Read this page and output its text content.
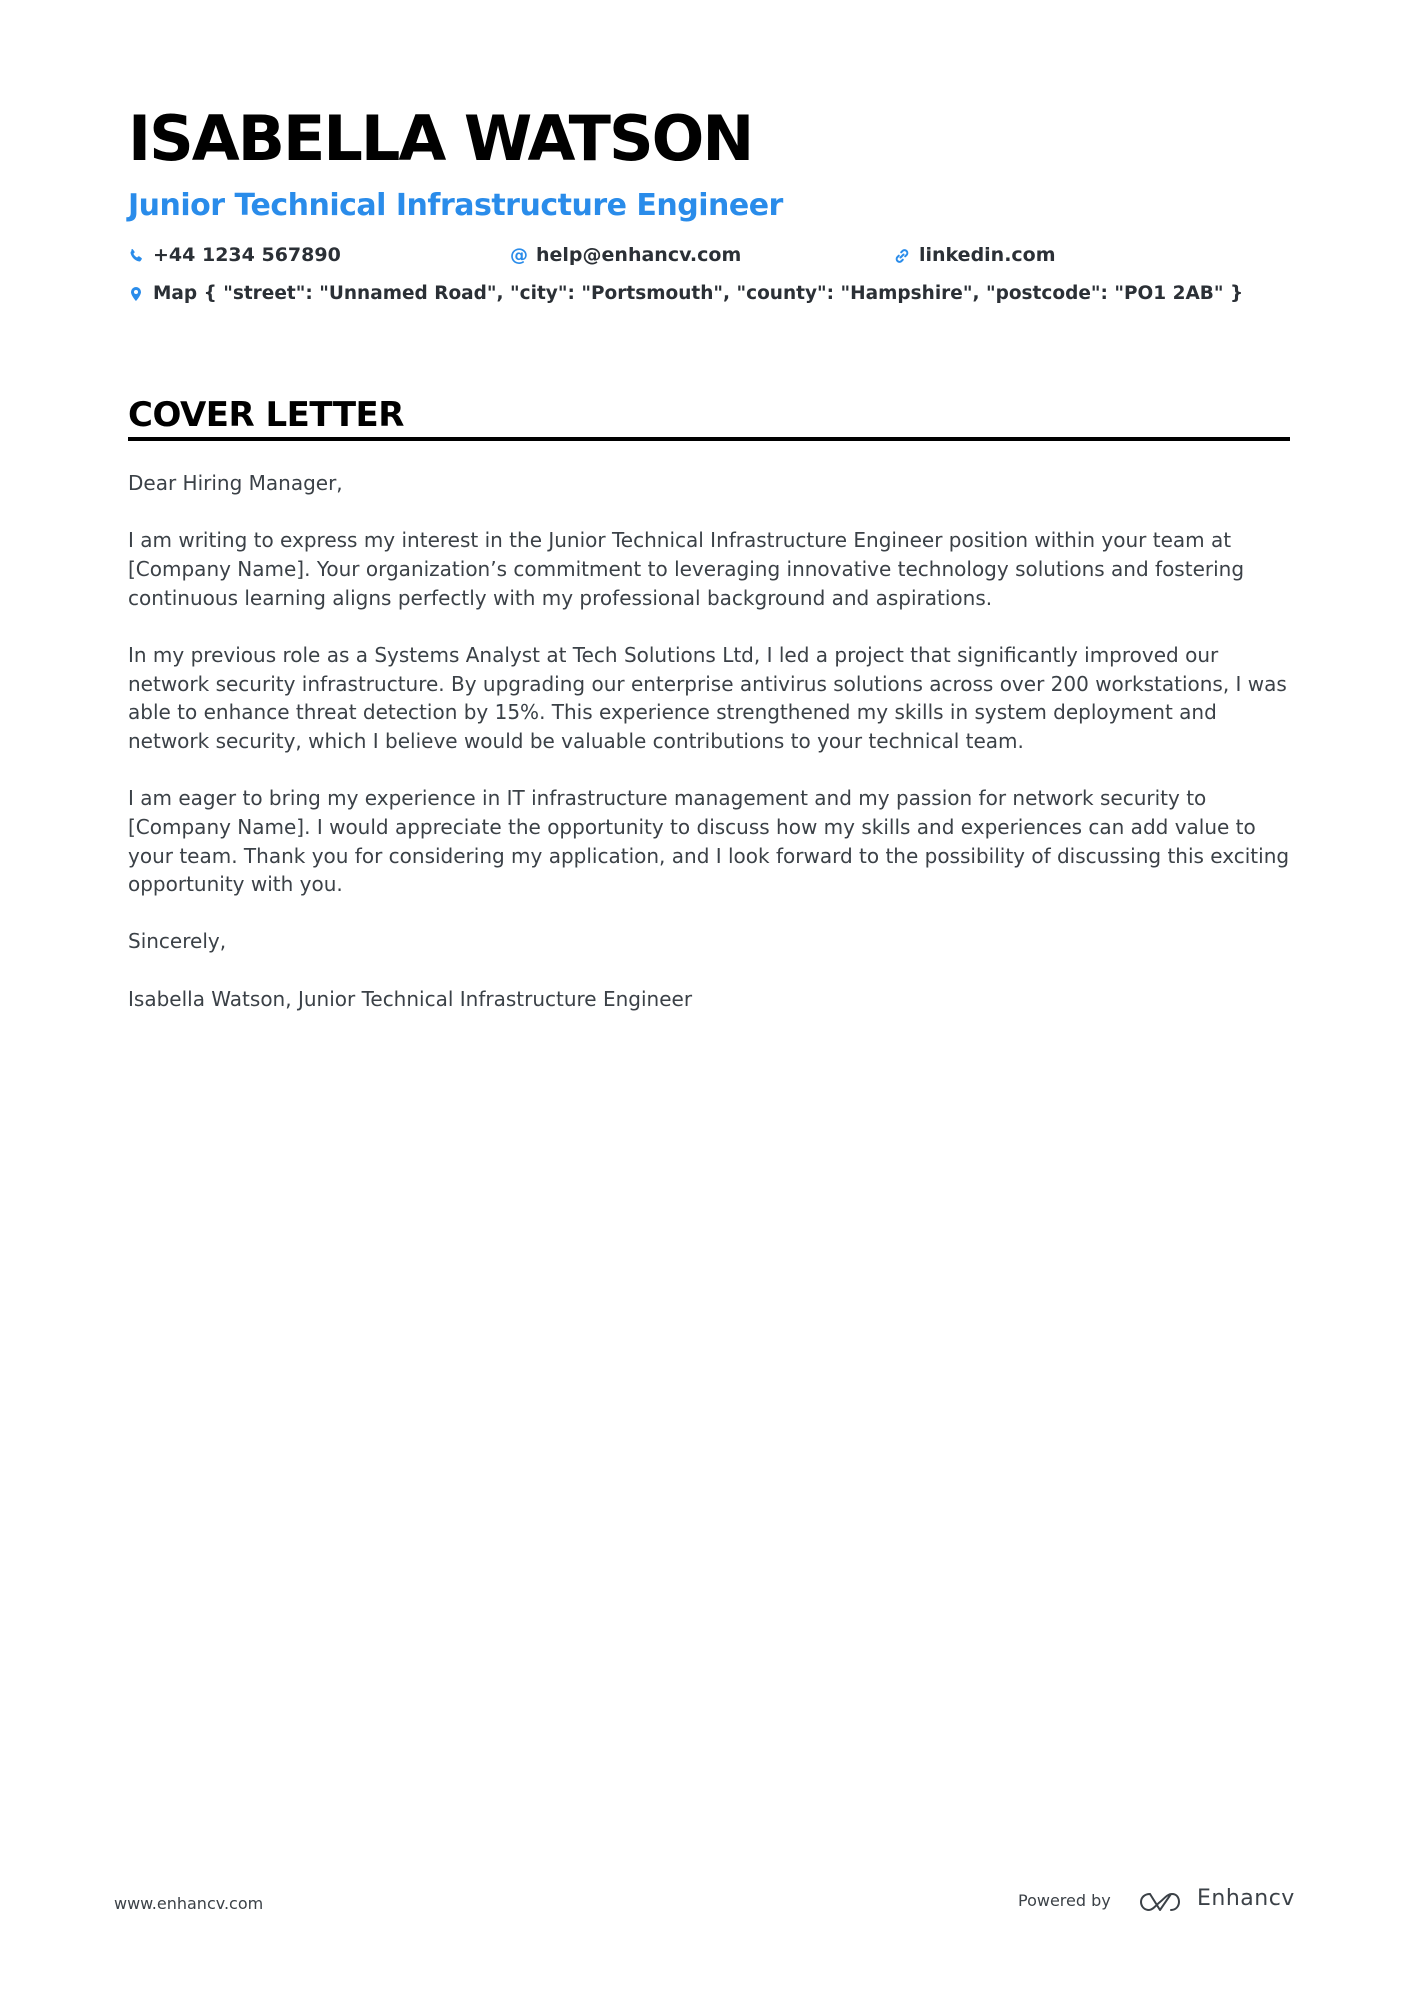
ISABELLA WATSON
Junior Technical Infrastructure Engineer
+44 1234 567890	@ help@enhancv.com	linkedin.com
Map { "street": "Unnamed Road", "city": "Portsmouth", "county": "Hampshire", "postcode": "PO1 2AB" }
COVER LETTER

Dear Hiring Manager,

I am writing to express my interest in the Junior Technical Infrastructure Engineer position within your team at [Company Name]. Your organization’s commitment to leveraging innovative technology solutions and fostering continuous learning aligns perfectly with my professional background and aspirations.

In my previous role as a Systems Analyst at Tech Solutions Ltd, I led a project that significantly improved our network security infrastructure. By upgrading our enterprise antivirus solutions across over 200 workstations, I was able to enhance threat detection by 15%. This experience strengthened my skills in system deployment and network security, which I believe would be valuable contributions to your technical team.

I am eager to bring my experience in IT infrastructure management and my passion for network security to [Company Name]. I would appreciate the opportunity to discuss how my skills and experiences can add value to your team. Thank you for considering my application, and I look forward to the possibility of discussing this exciting opportunity with you.

Sincerely,

Isabella Watson, Junior Technical Infrastructure Engineer

www.enhancv.com	Powered by	Enhancv
